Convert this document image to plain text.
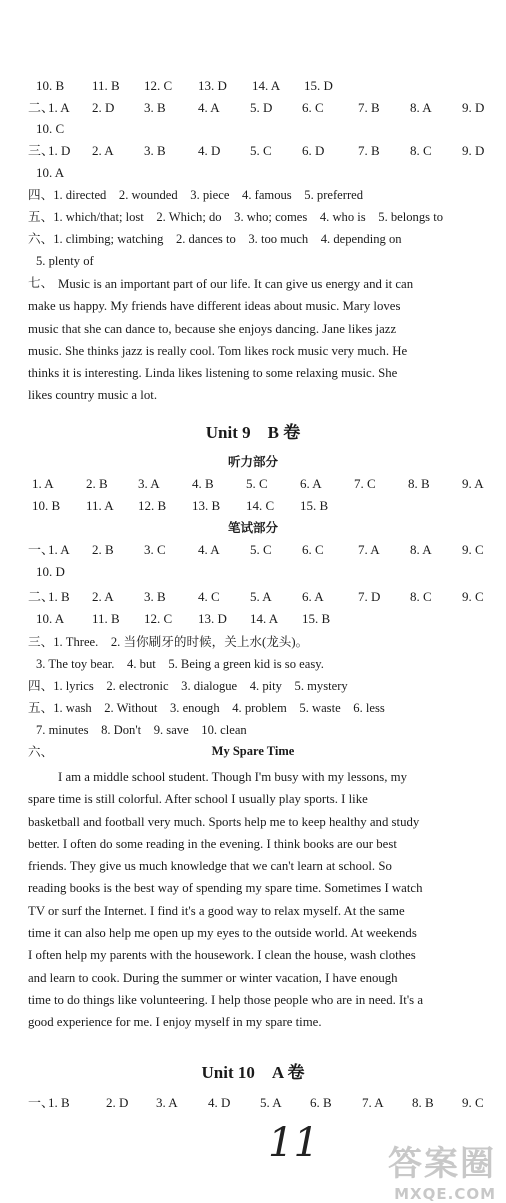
10. B 11. B 12. C 13. D 14. A 15. D
二、
1. A 2. D 3. B 4. A 5. D 6. C	7. B 8. A 9. D
10. C
三、
1. D 2. A 3. B 4. D 5. C 6. D	7. B 8. C 9. D
10. A
四、1. directed　2. wounded　3. piece　4. famous　5. preferred
五、1. which/that; lost　2. Which; do　3. who; comes　4. who is　5. belongs to
六、1. climbing; watching　2. dances to　3. too much　4. depending on
5. plenty of
七、 Music is an important part of our life. It can give us energy and it can
make us happy. My friends have different ideas about music. Mary loves
music that she can dance to, because she enjoys dancing. Jane likes jazz
music. She thinks jazz is really cool. Tom likes rock music very much. He
thinks it is interesting. Linda likes listening to some relaxing music. She
likes country music a lot.
Unit 9　B 卷
听力部分
1. A 2. B 3. A 4. B 5. C 6. A 7. C 8. B 9. A
10. B 11. A 12. B 13. B 14. C 15. B
笔试部分
一、
1. A 2. B 3. C 4. A 5. C 6. C	7. A 8. A 9. C
10. D
二、
1. B 2. A 3. B 4. C 5. A 6. A	7. D 8. C 9. C
10. A 11. B 12. C 13. D 14. A 15. B
三、1. Three.　2. 当你刷牙的时候，关上水(龙头)。
3. The toy bear.　4. but　5. Being a green kid is so easy.
四、1. lyrics　2. electronic　3. dialogue　4. pity　5. mystery
五、1. wash　2. Without　3. enough　4. problem　5. waste　6. less
7. minutes　8. Don't　9. save　10. clean
六、	My Spare Time
I am a middle school student. Though I'm busy with my lessons, my
spare time is still colorful. After school I usually play sports. I like
basketball and football very much. Sports help me to keep healthy and study
better. I often do some reading in the evening. I think books are our best
friends. They give us much knowledge that we can't learn at school. So
reading books is the best way of spending my spare time. Sometimes I watch
TV or surf the Internet. I find it's a good way to relax myself. At the same
time it can also help me open up my eyes to the outside world. At weekends
I often help my parents with the housework. I clean the house, wash clothes
and learn to cook. During the summer or winter vacation, I have enough
time to do things like volunteering. I help those people who are in need. It's a
good experience for me. I enjoy myself in my spare time.
Unit 10　A 卷
一、
1. B	2. D 3. A 4. D 5. A 6. B 7. A 8. B 9. C
11 答案圈
MXQE.COM
